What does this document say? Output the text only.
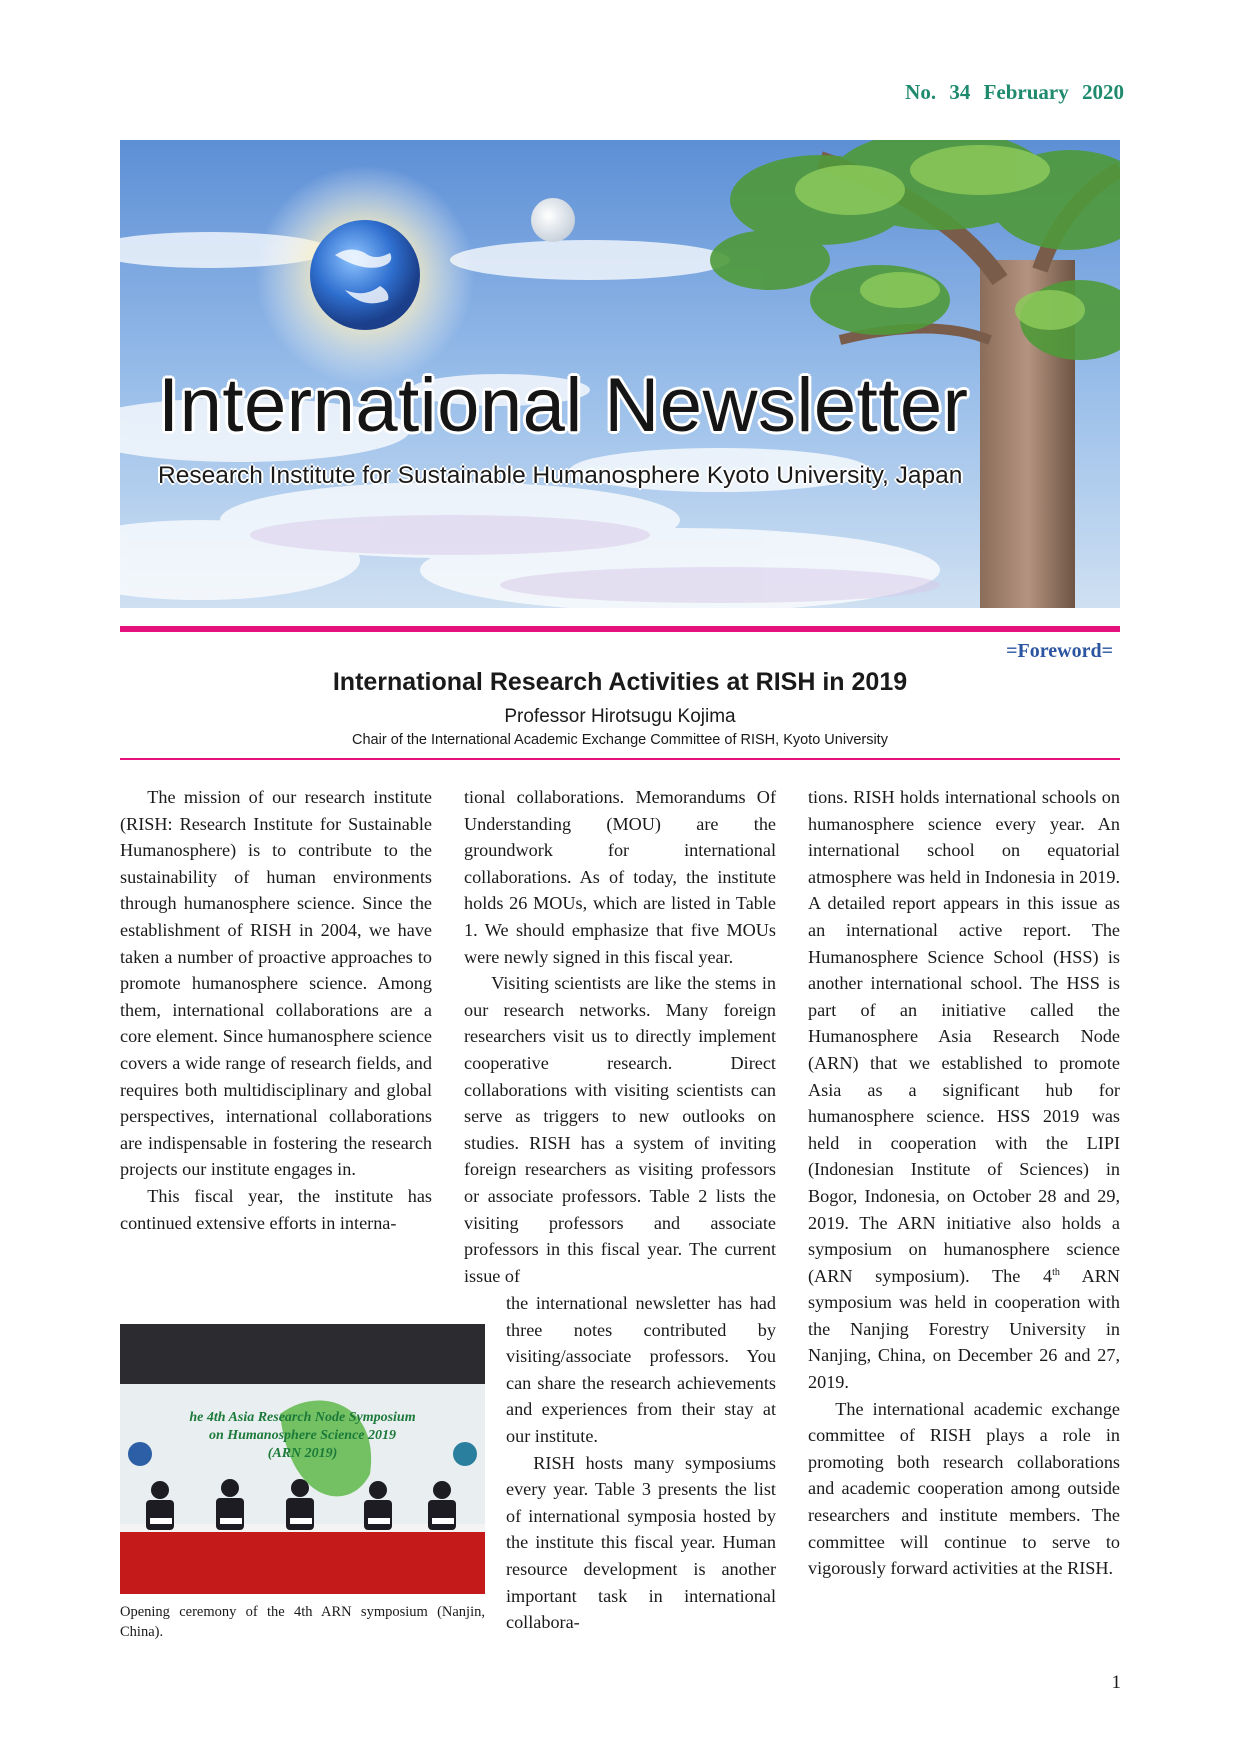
No. 34 February 2020
International Newsletter
Research Institute for Sustainable Humanosphere Kyoto University, Japan
=Foreword=
International Research Activities at RISH in 2019
Professor Hirotsugu Kojima
Chair of the International Academic Exchange Committee of RISH, Kyoto University

The mission of our research institute (RISH: Research Institute for Sustainable Humanosphere) is to contribute to the sustainability of human environments through humanosphere science. Since the establishment of RISH in 2004, we have taken a number of proactive approaches to promote humanosphere science. Among them, international collaborations are a core element. Since humanosphere science covers a wide range of research fields, and requires both multidisciplinary and global perspectives, international collaborations are indispensable in fostering the research projects our institute engages in.

This fiscal year, the institute has continued extensive efforts in interna-

tional collaborations. Memorandums Of Understanding (MOU) are the groundwork for international collaborations. As of today, the institute holds 26 MOUs, which are listed in Table 1. We should emphasize that five MOUs were newly signed in this fiscal year.

Visiting scientists are like the stems in our research networks. Many foreign researchers visit us to directly implement cooperative research. Direct collaborations with visiting scientists can serve as triggers to new outlooks on studies. RISH has a system of inviting foreign researchers as visiting professors or associate professors. Table 2 lists the visiting professors and associate professors in this fiscal year. The current issue of

the international newsletter has had three notes contributed by visiting/associate professors. You can share the research achievements and experiences from their stay at our institute.

RISH hosts many symposiums every year. Table 3 presents the list of international symposia hosted by the institute this fiscal year. Human resource development is another important task in international collabora-

tions. RISH holds international schools on humanosphere science every year. An international school on equatorial atmosphere was held in Indonesia in 2019. A detailed report appears in this issue as an international active report. The Humanosphere Science School (HSS) is another international school. The HSS is part of an initiative called the Humanosphere Asia Research Node (ARN) that we established to promote Asia as a significant hub for humanosphere science. HSS 2019 was held in cooperation with the LIPI (Indonesian Institute of Sciences) in Bogor, Indonesia, on October 28 and 29, 2019. The ARN initiative also holds a symposium on humanosphere science (ARN symposium). The 4th ARN symposium was held in cooperation with the Nanjing Forestry University in Nanjing, China, on December 26 and 27, 2019.

The international academic exchange committee of RISH plays a role in promoting both research collaborations and academic cooperation among outside researchers and institute members. The committee will continue to serve to vigorously forward activities at the RISH.

he 4th Asia Research Node Symposium
on Humanosphere Science 2019
(ARN 2019)
Opening ceremony of the 4th ARN symposium (Nanjin, China).
1
